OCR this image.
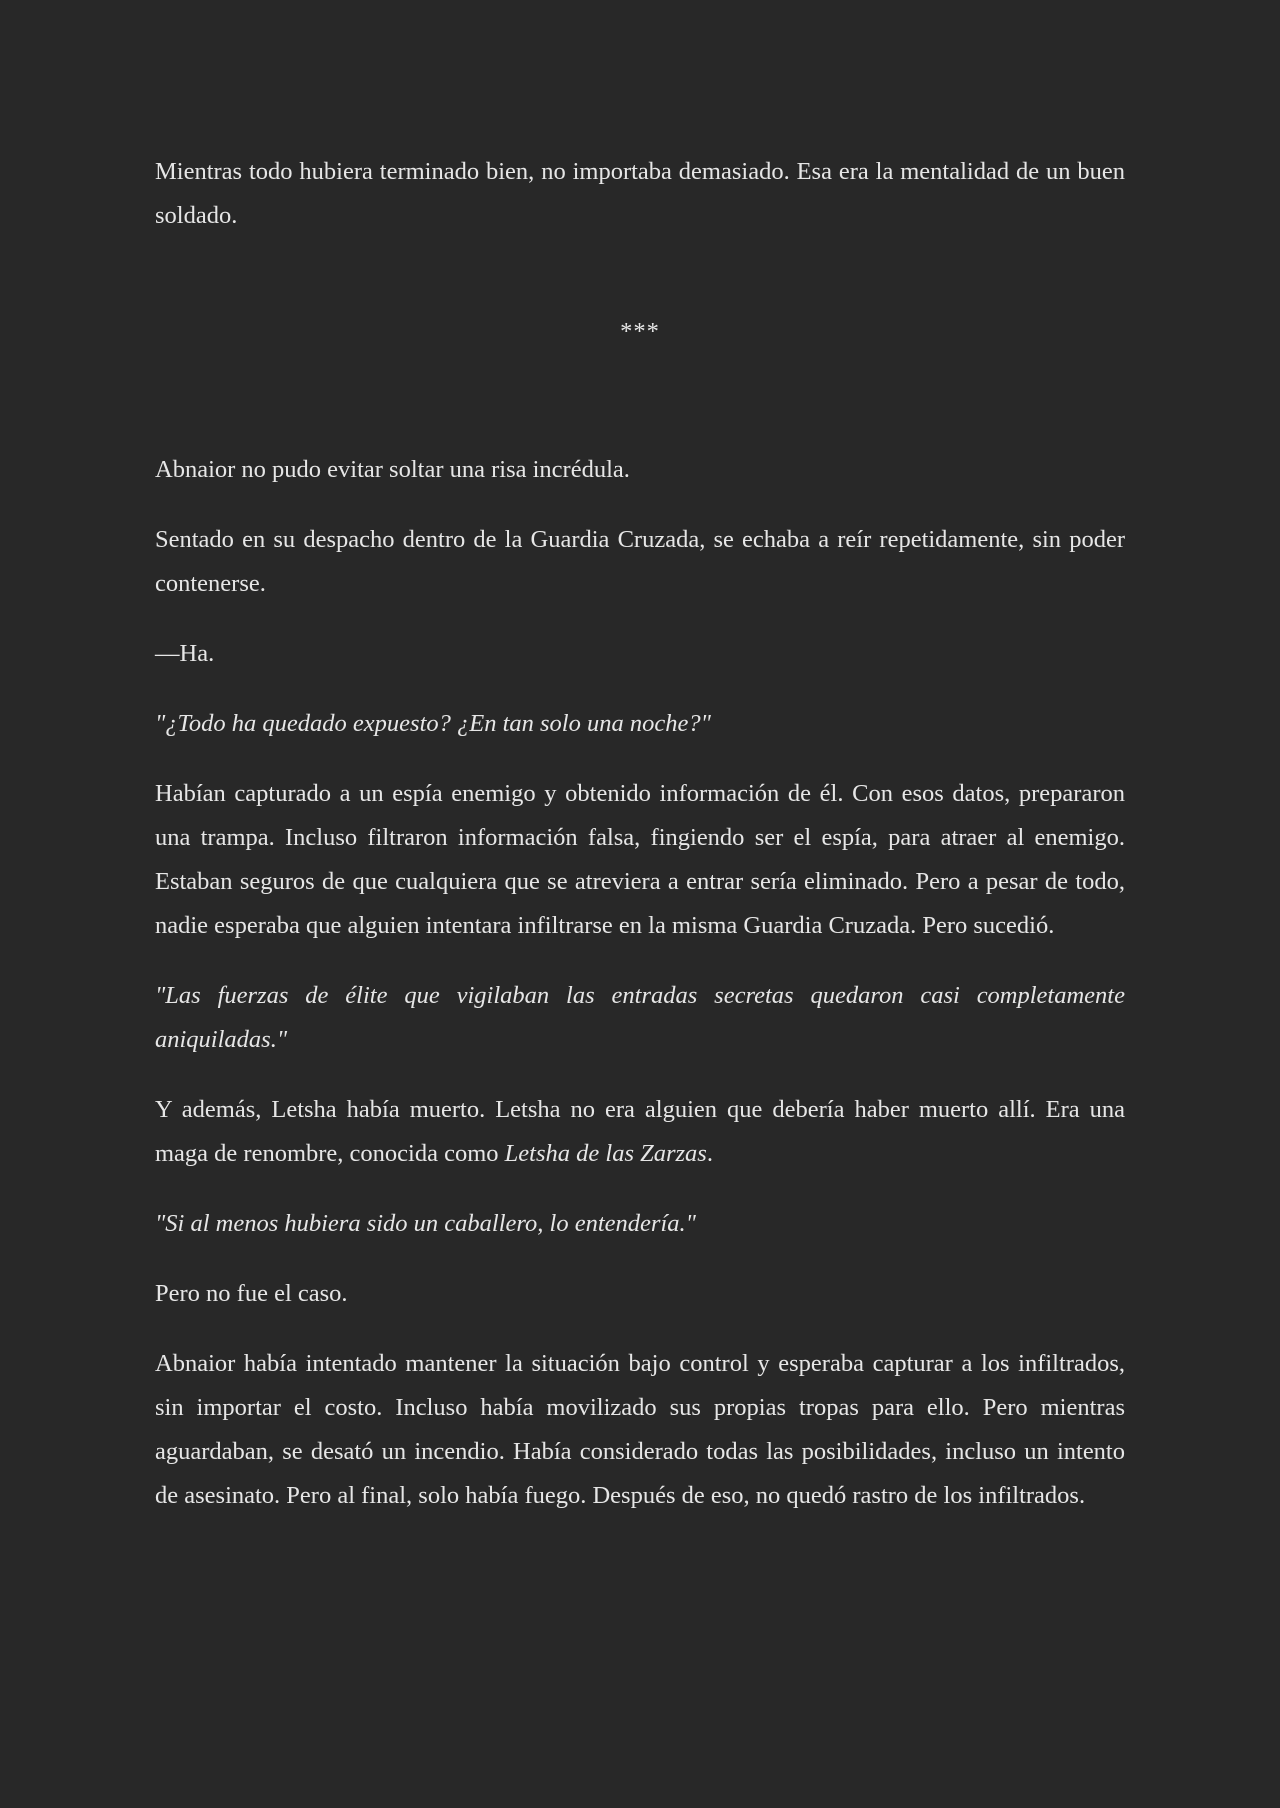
Mientras todo hubiera terminado bien, no importaba demasiado. Esa era la mentalidad de un buen soldado.

***

Abnaior no pudo evitar soltar una risa incrédula.

Sentado en su despacho dentro de la Guardia Cruzada, se echaba a reír repetidamente, sin poder contenerse.

—Ha.

"¿Todo ha quedado expuesto? ¿En tan solo una noche?"

Habían capturado a un espía enemigo y obtenido información de él. Con esos datos, prepararon una trampa. Incluso filtraron información falsa, fingiendo ser el espía, para atraer al enemigo. Estaban seguros de que cualquiera que se atreviera a entrar sería eliminado. Pero a pesar de todo, nadie esperaba que alguien intentara infiltrarse en la misma Guardia Cruzada. Pero sucedió.

"Las fuerzas de élite que vigilaban las entradas secretas quedaron casi completamente aniquiladas."

Y además, Letsha había muerto. Letsha no era alguien que debería haber muerto allí. Era una maga de renombre, conocida como Letsha de las Zarzas.

"Si al menos hubiera sido un caballero, lo entendería."

Pero no fue el caso.

Abnaior había intentado mantener la situación bajo control y esperaba capturar a los infiltrados, sin importar el costo. Incluso había movilizado sus propias tropas para ello. Pero mientras aguardaban, se desató un incendio. Había considerado todas las posibilidades, incluso un intento de asesinato. Pero al final, solo había fuego. Después de eso, no quedó rastro de los infiltrados.
